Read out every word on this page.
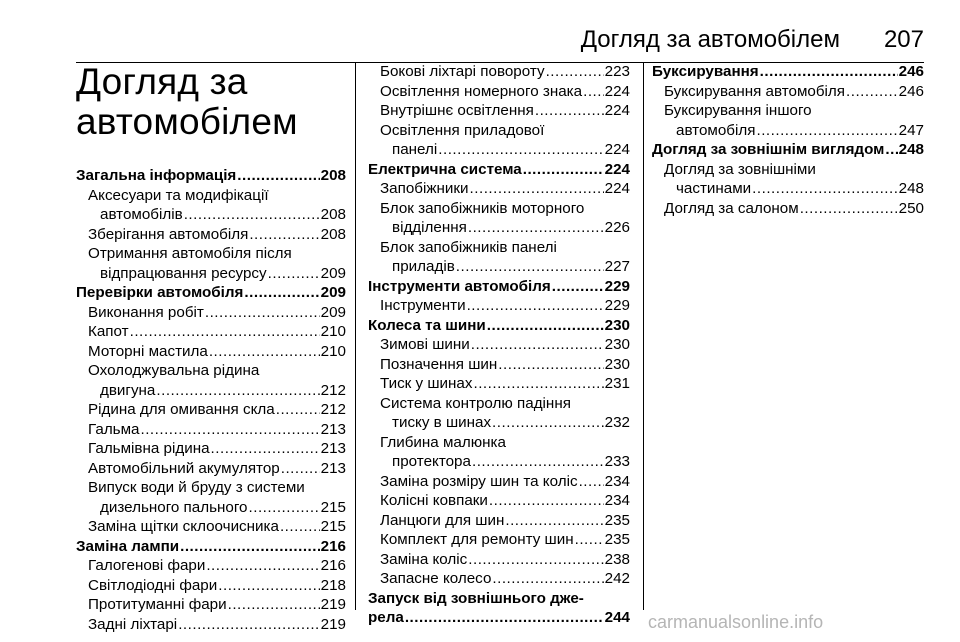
Догляд за автомобілем 207
Догляд за
автомобілем
Загальна інформація .....	208
Аксесуари та модифікації
автомобілів .....	208
Зберігання автомобіля .....	208
Отримання автомобіля після
відпрацювання ресурсу .....	209
Перевірки автомобіля .....	209
Виконання робіт .....	209
Капот .....	210
Моторні мастила .....	210
Охолоджувальна рідина
двигуна .....	212
Рідина для омивання скла .....	212
Гальма .....	213
Гальмівна рідина .....	213
Автомобільний акумулятор .....	213
Випуск води й бруду з системи
дизельного пального .....	215
Заміна щітки склоочисника .....	215
Заміна лампи .....	216
Галогенові фари .....	216
Світлодіодні фари .....	218
Протитуманні фари .....	219
Задні ліхтарі .....	219
Бокові ліхтарі повороту .....	223
Освітлення номерного знака ..... 224
Внутрішнє освітлення .....	224
Освітлення приладової
панелі .....	224
Електрична система .....	224
Запобіжники .....	224
Блок запобіжників моторного
відділення .....	226
Блок запобіжників панелі
приладів .....	227
Інструменти автомобіля .....	229
Інструменти .....	229
Колеса та шини .....	230
Зимові шини .....	230
Позначення шин .....	230
Тиск у шинах .....	231
Система контролю падіння
тиску в шинах .....	232
Глибина малюнка
протектора .....	233
Заміна розміру шин та коліс ..... 234
Колісні ковпаки .....	234
Ланцюги для шин .....	235
Комплект для ремонту шин ..... 235
Заміна коліс .....	238
Запасне колесо .....	242
Запуск від зовнішнього дже-
рела .....	244
Буксирування .....	246
Буксирування автомобіля .....	246
Буксирування іншого
автомобіля .....	247
Догляд за зовнішнім виглядом ..... 248
Догляд за зовнішніми
частинами .....	248
Догляд за салоном .....	250
carmanualsonline.info
